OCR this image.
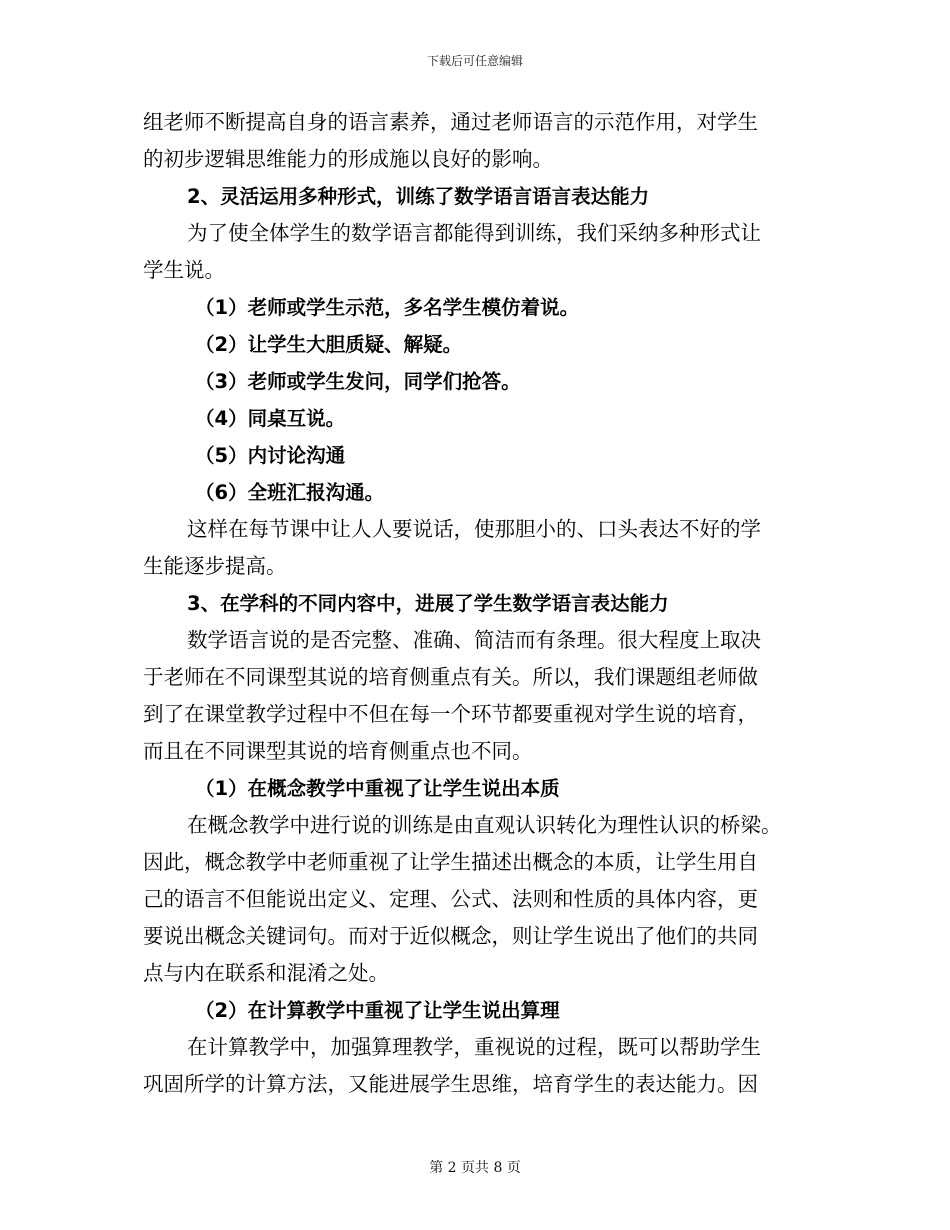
下载后可任意编辑
组老师不断提高自身的语言素养，通过老师语言的示范作用，对学生
的初步逻辑思维能力的形成施以良好的影响。
2、灵活运用多种形式，训练了数学语言语言表达能力
为了使全体学生的数学语言都能得到训练，我们采纳多种形式让
学生说。
（1）老师或学生示范，多名学生模仿着说。
（2）让学生大胆质疑、解疑。
（3）老师或学生发问，同学们抢答。
（4）同桌互说。
（5）内讨论沟通
（6）全班汇报沟通。
这样在每节课中让人人要说话，使那胆小的、口头表达不好的学
生能逐步提高。
3、在学科的不同内容中，进展了学生数学语言表达能力
数学语言说的是否完整、准确、简洁而有条理。很大程度上取决
于老师在不同课型其说的培育侧重点有关。所以，我们课题组老师做
到了在课堂教学过程中不但在每一个环节都要重视对学生说的培育，
而且在不同课型其说的培育侧重点也不同。
（1）在概念教学中重视了让学生说出本质
在概念教学中进行说的训练是由直观认识转化为理性认识的桥梁。
因此，概念教学中老师重视了让学生描述出概念的本质，让学生用自
己的语言不但能说出定义、定理、公式、法则和性质的具体内容，更
要说出概念关键词句。而对于近似概念，则让学生说出了他们的共同
点与内在联系和混淆之处。
（2）在计算教学中重视了让学生说出算理
在计算教学中，加强算理教学，重视说的过程，既可以帮助学生
巩固所学的计算方法，又能进展学生思维，培育学生的表达能力。因
第 2 页共 8 页
